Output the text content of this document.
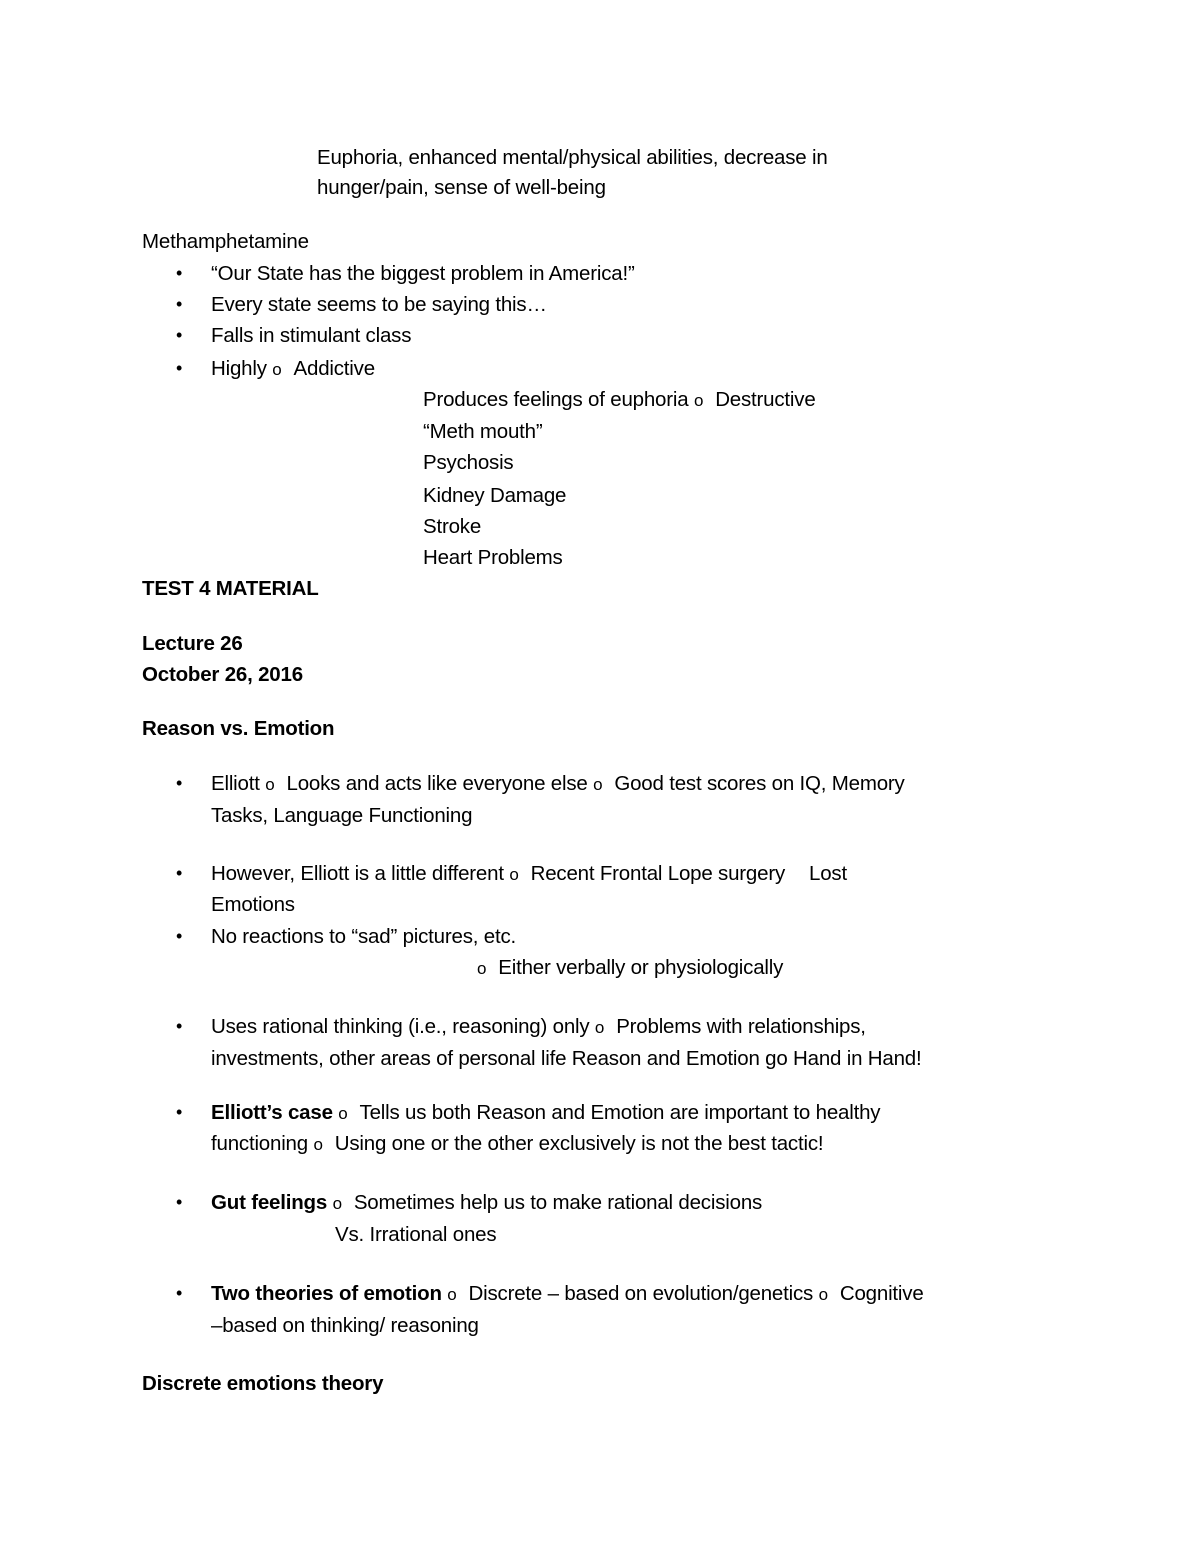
Euphoria, enhanced mental/physical abilities, decrease in

hunger/pain, sense of well-being

Methamphetamine

• “Our State has the biggest problem in America!”

• Every state seems to be saying this…

• Falls in stimulant class

• Highly o Addictive

Produces feelings of euphoria o Destructive

“Meth mouth”

Psychosis

Kidney Damage

Stroke

Heart Problems

TEST 4 MATERIAL

Lecture 26

October 26, 2016

Reason vs. Emotion

• Elliott o Looks and acts like everyone else o Good test scores on IQ, Memory

Tasks, Language Functioning

• However, Elliott is a little different o Recent Frontal Lope surgery Lost

Emotions

• No reactions to “sad” pictures, etc.

o Either verbally or physiologically

• Uses rational thinking (i.e., reasoning) only o Problems with relationships,

investments, other areas of personal life Reason and Emotion go Hand in Hand!

• Elliott’s case o Tells us both Reason and Emotion are important to healthy

functioning o Using one or the other exclusively is not the best tactic!

• Gut feelings o Sometimes help us to make rational decisions

Vs. Irrational ones

• Two theories of emotion o Discrete – based on evolution/genetics o Cognitive

–based on thinking/ reasoning

Discrete emotions theory
